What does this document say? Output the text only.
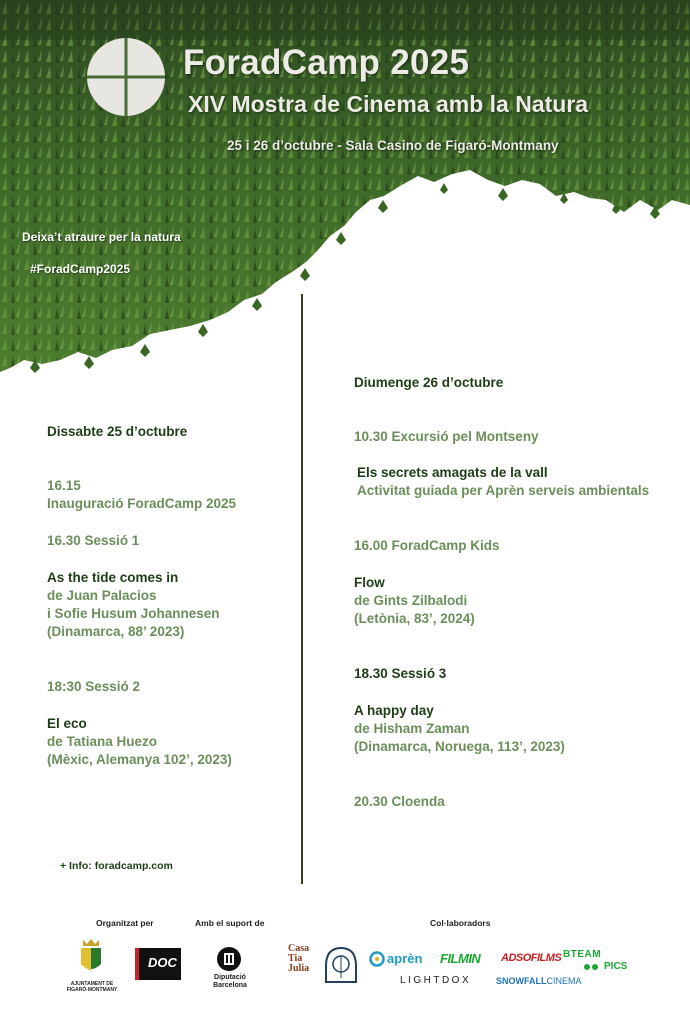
ForadCamp 2025
XIV Mostra de Cinema amb la Natura
25 i 26 d’octubre - Sala Casino de Figaró-Montmany
Deixa’t atraure per la natura
#ForadCamp2025
Dissabte 25 d’octubre
16.15
Inauguració ForadCamp 2025
16.30 Sessió 1
As the tide comes in
de Juan Palacios
i Sofie Husum Johannesen
(Dinamarca, 88’ 2023)
18:30 Sessió 2
El eco
de Tatiana Huezo
(Mèxic, Alemanya 102’, 2023)
Diumenge 26 d’octubre
10.30 Excursió pel Montseny
Els secrets amagats de la vall
Activitat guiada per Aprèn serveis ambientals
16.00 ForadCamp Kids
Flow
de Gints Zilbalodi
(Letònia, 83’, 2024)
18.30 Sessió 3
A happy day
de Hisham Zaman
(Dinamarca, Noruega, 113’, 2023)
20.30 Cloenda
+ Info: foradcamp.com
Organitzat per	Amb el suport de	Col·laboradors
AJUNTAMENT DE
FIGARÓ-MONTMANY
DOC
Diputació
Barcelona
Casa
Tia
Julia
aprèn FILMIN ADSOFILMS BTEAM
PICS
LIGHTDOX	SNOWFALLCINEMA
